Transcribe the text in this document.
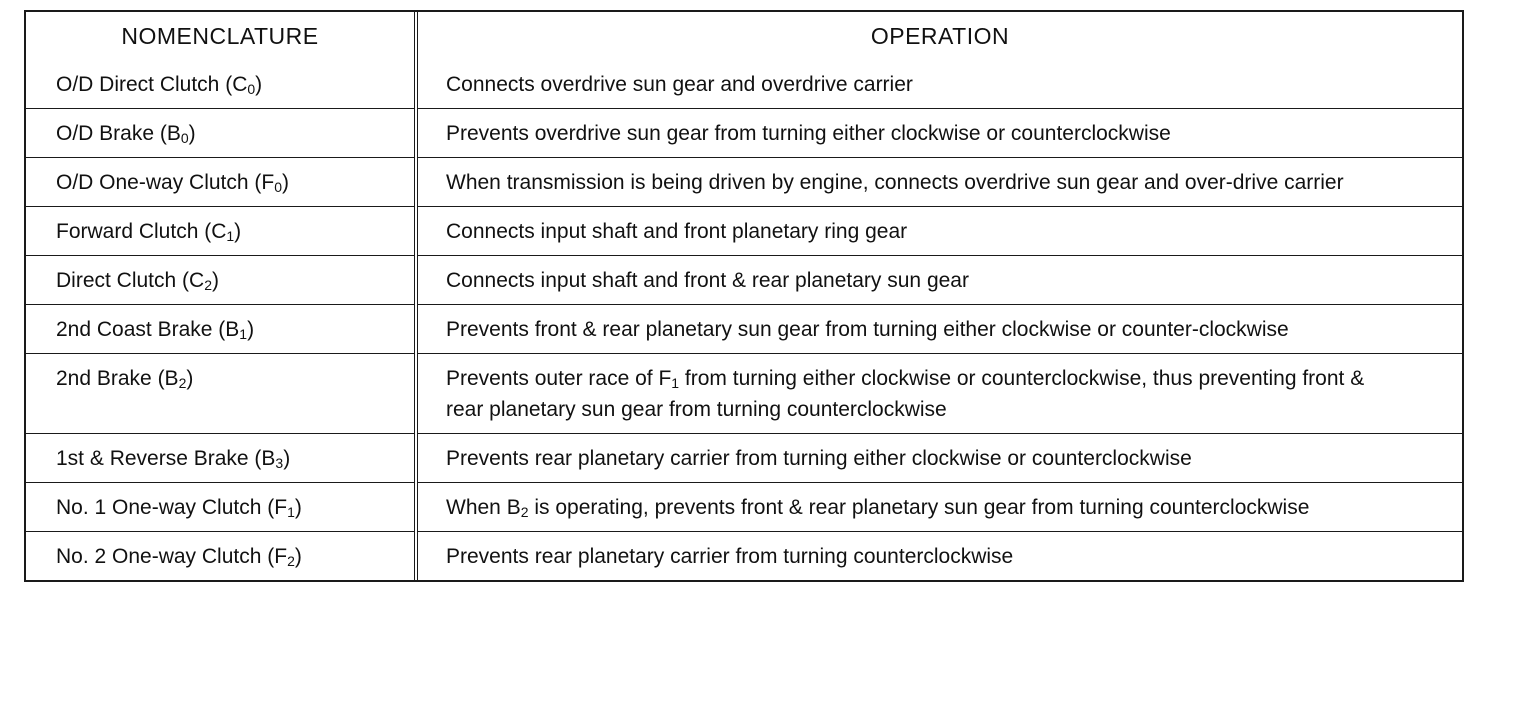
NOMENCLATURE	OPERATION
O/D Direct Clutch $(C_0)$	Connects overdrive sun gear and overdrive carrier
O/D Brake $(B_0)$	Prevents overdrive sun gear from turning either clockwise or counterclockwise
O/D One-way Clutch $(F_0)$	When transmission is being driven by engine, connects overdrive sun gear and over-drive carrier
Forward Clutch $(C_1)$	Connects input shaft and front planetary ring gear
Direct Clutch $(C_2)$	Connects input shaft and front & rear planetary sun gear
2nd Coast Brake $(B_1)$	Prevents front & rear planetary sun gear from turning either clockwise or counter-clockwise
2nd Brake $(B_2)$	Prevents outer race of $F_1$ from turning either clockwise or counterclockwise, thus preventing front & rear planetary sun gear from turning counterclockwise
1st & Reverse Brake $(B_3)$	Prevents rear planetary carrier from turning either clockwise or counterclockwise
No. 1 One-way Clutch $(F_1)$	When $B_2$ is operating, prevents front & rear planetary sun gear from turning counterclockwise
No. 2 One-way Clutch $(F_2)$	Prevents rear planetary carrier from turning counterclockwise
